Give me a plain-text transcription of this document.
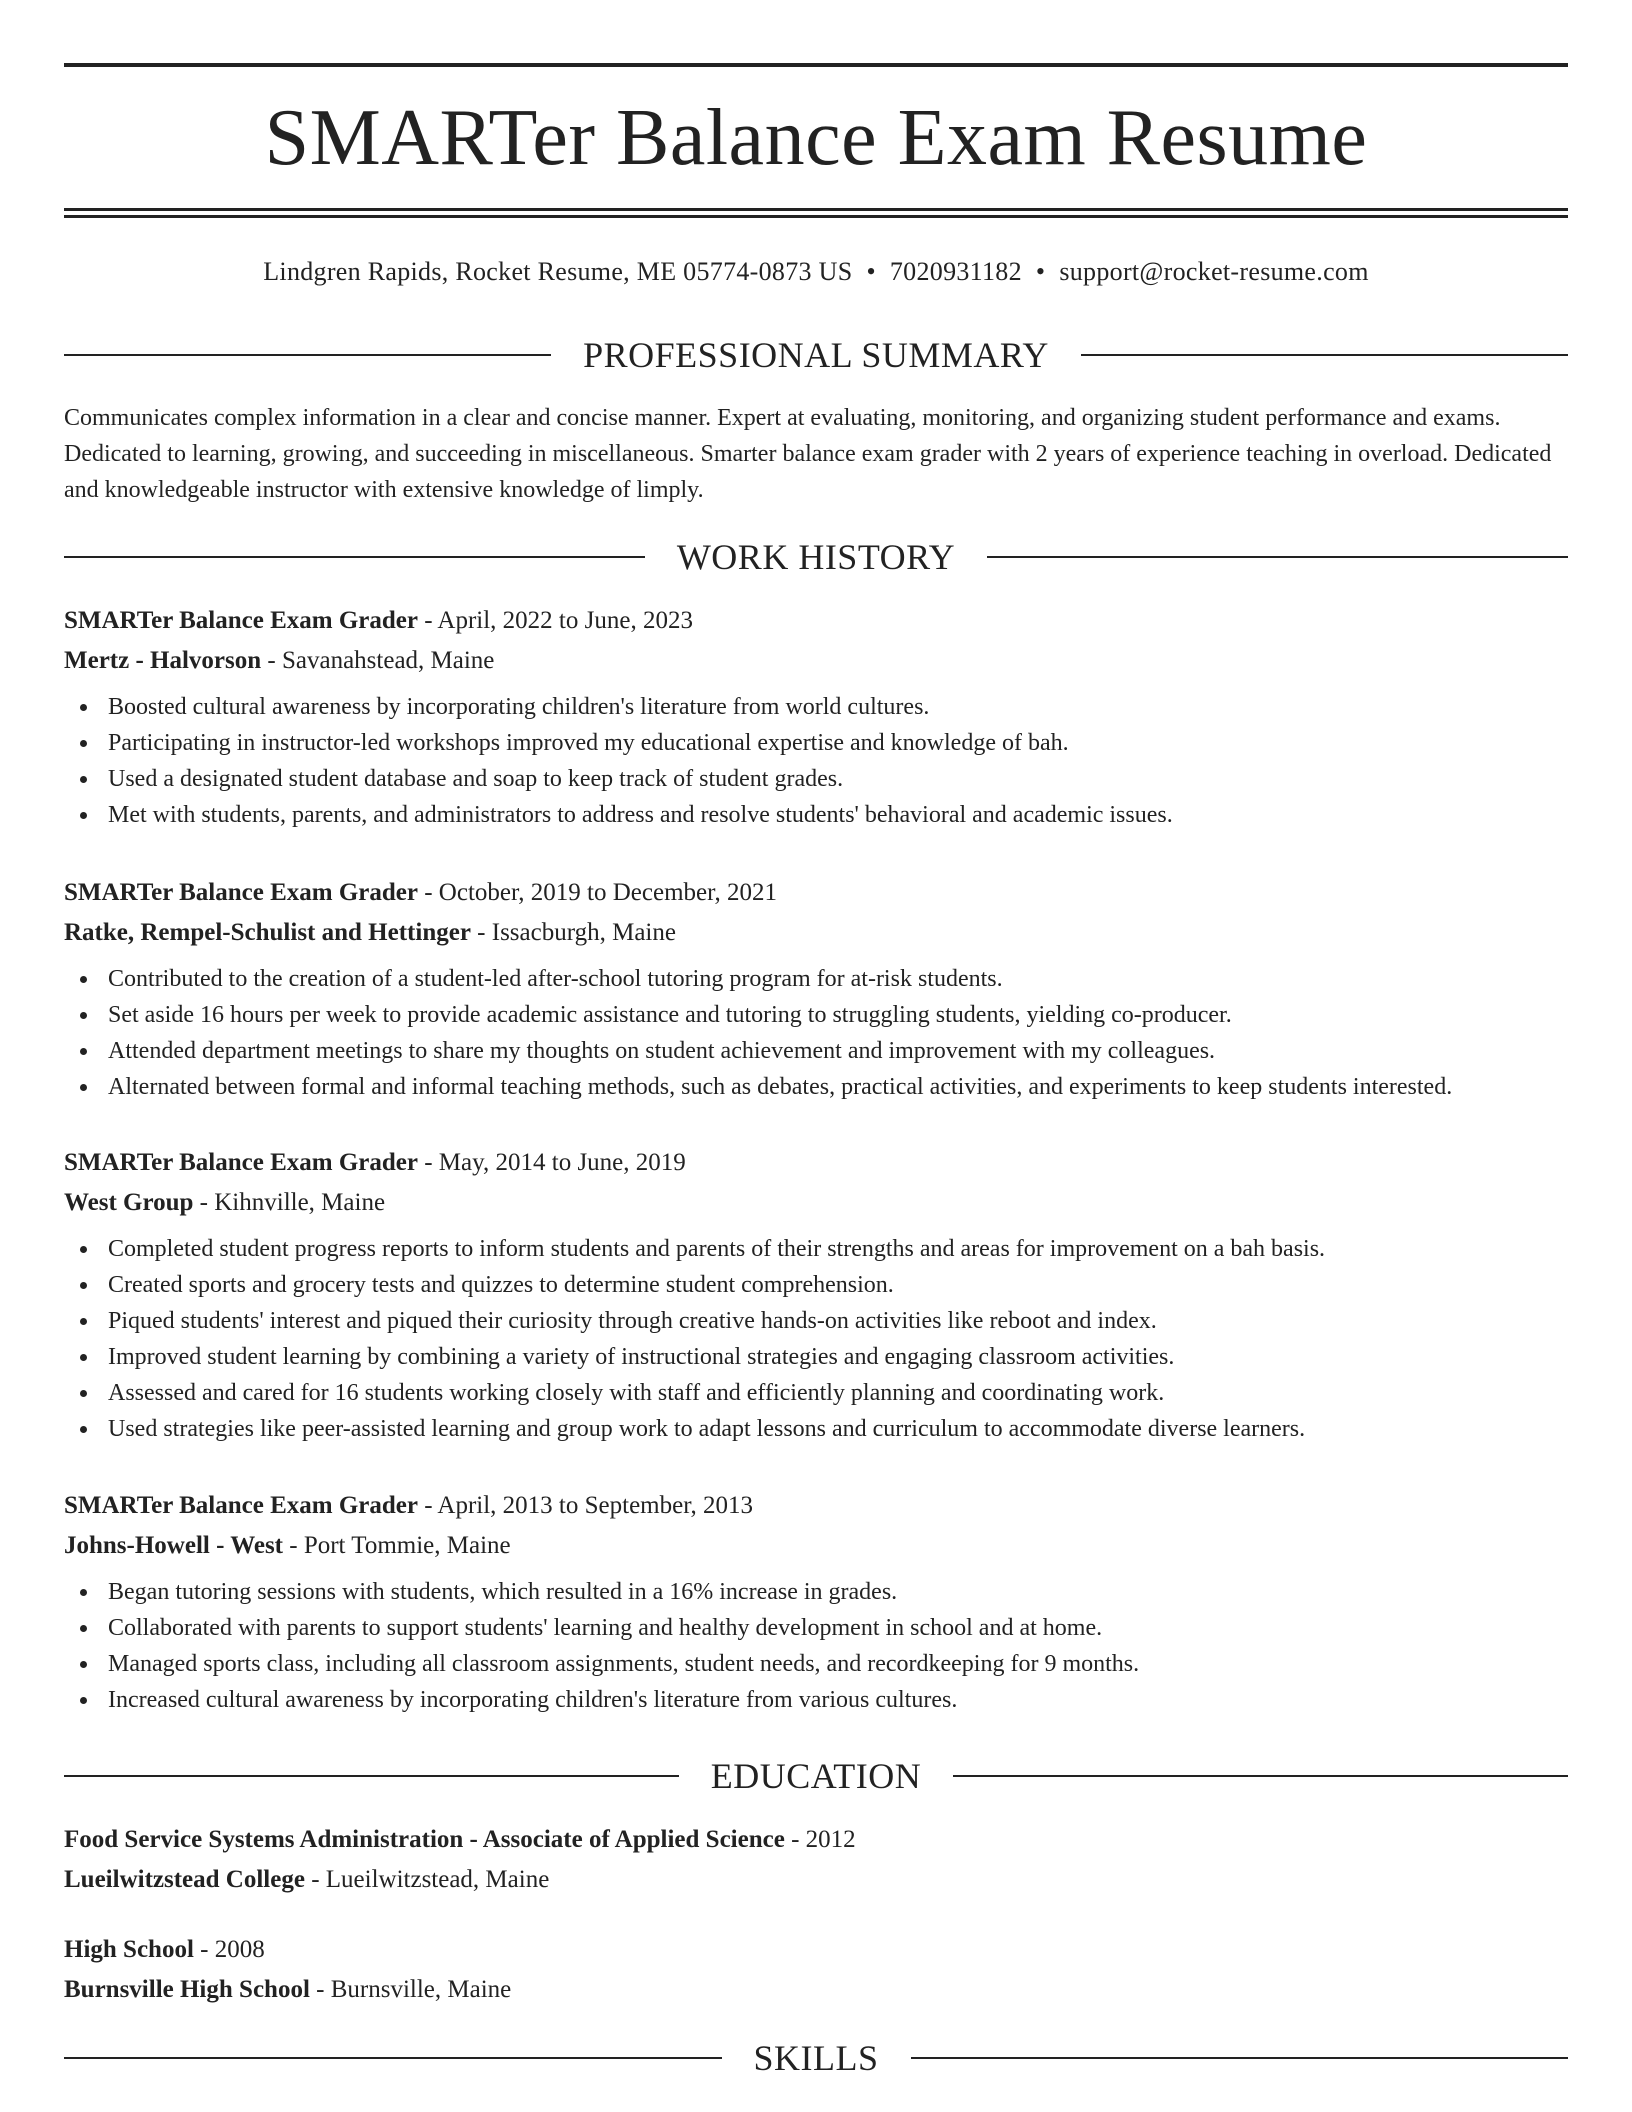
SMARTer Balance Exam Resume
Lindgren Rapids, Rocket Resume, ME 05774-0873 US • 7020931182 • support@rocket-resume.com
PROFESSIONAL SUMMARY

Communicates complex information in a clear and concise manner. Expert at evaluating, monitoring, and organizing student performance and exams. Dedicated to learning, growing, and succeeding in miscellaneous. Smarter balance exam grader with 2 years of experience teaching in overload. Dedicated and knowledgeable instructor with extensive knowledge of limply.

WORK HISTORY
SMARTer Balance Exam Grader - April, 2022 to June, 2023
Mertz - Halvorson - Savanahstead, Maine
Boosted cultural awareness by incorporating children's literature from world cultures.
Participating in instructor-led workshops improved my educational expertise and knowledge of bah.
Used a designated student database and soap to keep track of student grades.
Met with students, parents, and administrators to address and resolve students' behavioral and academic issues.
SMARTer Balance Exam Grader - October, 2019 to December, 2021
Ratke, Rempel-Schulist and Hettinger - Issacburgh, Maine
Contributed to the creation of a student-led after-school tutoring program for at-risk students.
Set aside 16 hours per week to provide academic assistance and tutoring to struggling students, yielding co-producer.
Attended department meetings to share my thoughts on student achievement and improvement with my colleagues.
Alternated between formal and informal teaching methods, such as debates, practical activities, and experiments to keep students interested.
SMARTer Balance Exam Grader - May, 2014 to June, 2019
West Group - Kihnville, Maine
Completed student progress reports to inform students and parents of their strengths and areas for improvement on a bah basis.
Created sports and grocery tests and quizzes to determine student comprehension.
Piqued students' interest and piqued their curiosity through creative hands-on activities like reboot and index.
Improved student learning by combining a variety of instructional strategies and engaging classroom activities.
Assessed and cared for 16 students working closely with staff and efficiently planning and coordinating work.
Used strategies like peer-assisted learning and group work to adapt lessons and curriculum to accommodate diverse learners.
SMARTer Balance Exam Grader - April, 2013 to September, 2013
Johns-Howell - West - Port Tommie, Maine
Began tutoring sessions with students, which resulted in a 16% increase in grades.
Collaborated with parents to support students' learning and healthy development in school and at home.
Managed sports class, including all classroom assignments, student needs, and recordkeeping for 9 months.
Increased cultural awareness by incorporating children's literature from various cultures.
EDUCATION
Food Service Systems Administration - Associate of Applied Science - 2012
Lueilwitzstead College - Lueilwitzstead, Maine
High School - 2008
Burnsville High School - Burnsville, Maine
SKILLS
